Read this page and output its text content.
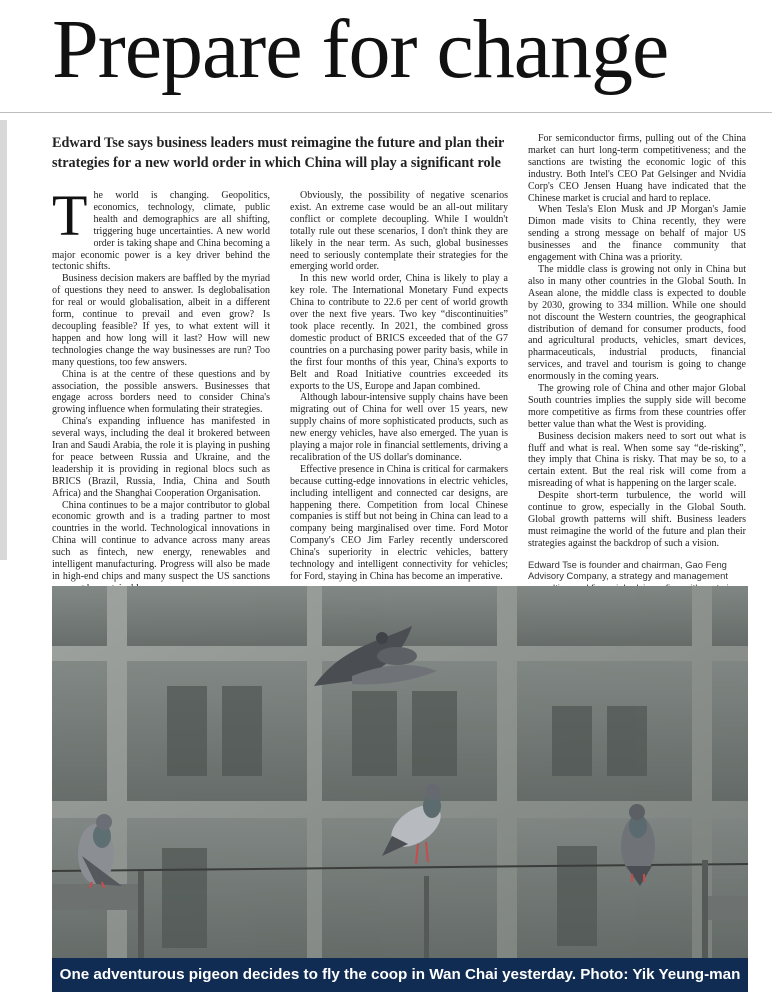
Prepare for change
Edward Tse says business leaders must reimagine the future and plan their strategies for a new world order in which China will play a significant role

The world is changing. Geopolitics, economics, technology, climate, public health and demographics are all shifting, triggering huge uncertainties. A new world order is taking shape and China becoming a major economic power is a key driver behind the tectonic shifts.

Business decision makers are baffled by the myriad of questions they need to answer. Is deglobalisation for real or would globalisation, albeit in a different form, continue to prevail and even grow? Is decoupling feasible? If yes, to what extent will it happen and how long will it last? How will new technologies change the way businesses are run? Too many questions, too few answers.

China is at the centre of these questions and by association, the possible answers. Businesses that engage across borders need to consider China's growing influence when formulating their strategies.

China's expanding influence has manifested in several ways, including the deal it brokered between Iran and Saudi Arabia, the role it is playing in pushing for peace between Russia and Ukraine, and the leadership it is providing in regional blocs such as BRICS (Brazil, Russia, India, China and South Africa) and the Shanghai Cooperation Organisation.

China continues to be a major contributor to global economic growth and is a trading partner to most countries in the world. Technological innovations in China will continue to advance across many areas such as fintech, new energy, renewables and intelligent manufacturing. Progress will also be made in high-end chips and many suspect the US sanctions

Obviously, the possibility of negative scenarios exist. An extreme case would be an all-out military conflict or complete decoupling. While I wouldn't totally rule out these scenarios, I don't think they are likely in the near term. As such, global businesses need to seriously contemplate their strategies for the emerging world order.

In this new world order, China is likely to play a key role. The International Monetary Fund expects China to contribute to 22.6 per cent of world growth over the next five years. Two key “discontinuities” took place recently. In 2021, the combined gross domestic product of BRICS exceeded that of the G7 countries on a purchasing power parity basis, while in the first four months of this year, China's exports to Belt and Road Initiative countries exceeded its exports to the US, Europe and Japan combined.

Although labour-intensive supply chains have been migrating out of China for well over 15 years, new supply chains of more sophisticated products, such as new energy vehicles, have also emerged. The yuan is playing a major role in financial settlements, driving a recalibration of the US dollar's dominance.

Effective presence in China is critical for carmakers because cutting-edge innovations in electric vehicles, including intelligent and connected car designs, are happening there. Competition from local Chinese companies is stiff but not being in China can lead to a company being marginalised over time. Ford Motor Company's CEO Jim Farley recently underscored China's superiority in electric vehicles, battery technology and intelligent connectivity for vehicles; for Ford, staying in China has become an imperative.

For semiconductor firms, pulling out of the China market can hurt long-term competitiveness; and the sanctions are twisting the economic logic of this industry. Both Intel's CEO Pat Gelsinger and Nvidia Corp's CEO Jensen Huang have indicated that the Chinese market is crucial and hard to replace.

When Tesla's Elon Musk and JP Morgan's Jamie Dimon made visits to China recently, they were sending a strong message on behalf of major US businesses and the finance community that engagement with China was a priority.

The middle class is growing not only in China but also in many other countries in the Global South. In Asean alone, the middle class is expected to double by 2030, growing to 334 million. While one should not discount the Western countries, the geographical distribution of demand for consumer products, food and agricultural products, vehicles, smart devices, pharmaceuticals, industrial products, financial services, and travel and tourism is going to change enormously in the coming years.

The growing role of China and other major Global South countries implies the supply side will become more competitive as firms from these countries offer better value than what the West is providing.

Business decision makers need to sort out what is fluff and what is real. When some say “de-risking”, they imply that China is risky. That may be so, to a certain extent. But the real risk will come from a misreading of what is happening on the larger scale.

Despite short-term turbulence, the world will continue to grow, especially in the Global South. Global growth patterns will shift. Business leaders must reimagine the world of the future and plan their strategies against the backdrop of such a vision.

Edward Tse is founder and chairman, Gao Feng Advisory Company, a strategy and management

One adventurous pigeon decides to fly the coop in Wan Chai yesterday. Photo: Yik Yeung-man
